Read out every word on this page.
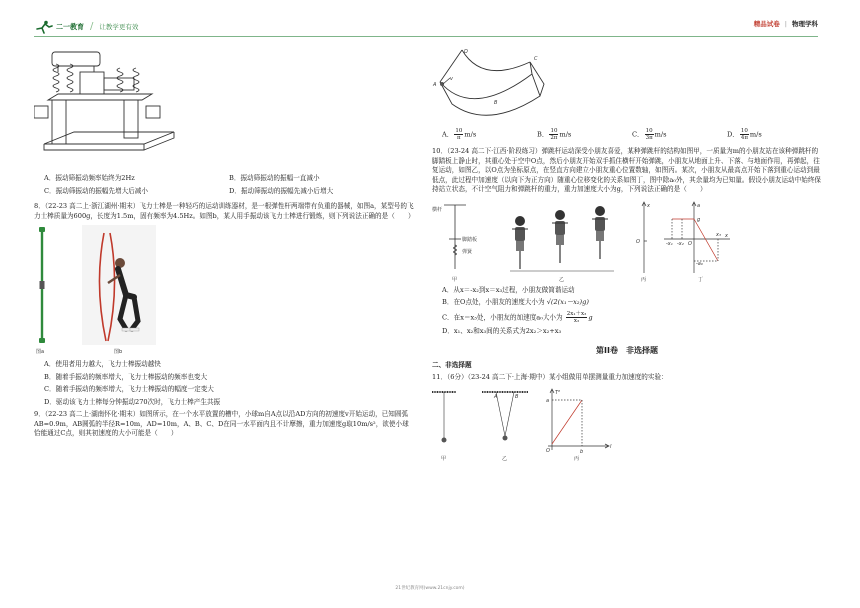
二一教育 / 让教学更有效	精品试卷 | 物理学科
A．振动筛振动频率始终为2Hz	B．振动筛振动的振幅一直减小
C．振动筛振动的振幅先增大后减小	D．振动筛振动的振幅先减小后增大

8．（22-23 高二上·浙江湖州·期末）飞力士棒是一种轻巧的运动训练器材，是一根弹性杆两端带有负重的器械，如图a，某型号的飞力士棒质量为600g，长度为1.5m，固有频率为4.5Hz。如图b，某人用手振动该飞力士棒进行锻炼，则下列说法正确的是（　　）

图a	图b
A．使用者用力越大，飞力士棒振动越快
B．随着手振动的频率增大，飞力士棒振动的频率也变大
C．随着手振动的频率增大，飞力士棒振动的幅度一定变大
D．驱动该飞力士棒每分钟振动270次时，飞力士棒产生共振

9．（22-23 高二上·湖南怀化·期末）如图所示，在一个水平放置的槽中，小球m自A点以沿AD方向的初速度v开始运动，已知圆弧AB=0.9m，AB圆弧的半径R=10m，AD=10m，A、B、C、D在同一水平面内且不计摩擦，重力加速度g取10m/s²，欲使小球恰能通过C点，则其初速度的大小可能是（　　）

D
C
A
v
B
A． $\frac{10}{\pi} m/s$	B． $\frac{10}{2\pi} m/s$	C． $\frac{10}{3\pi} m/s$	D． $\frac{10}{4\pi} m/s$

10．（23-24 高二下·江西·阶段练习）弹跳杆运动深受小朋友喜爱，某种弹跳杆的结构如图甲，一质量为m的小朋友站在该种弹跳杆的脚踏板上静止时，其重心处于空中O点，然后小朋友开始双手抓住横杆开始弹跳，小朋友从地面上升、下落、与地面作用，再弹起，往复运动，如图乙，以O点为坐标原点，在竖直方向建立小朋友重心位置数轴，如图丙。某次，小朋友从最高点开始下落到重心运动到最低点，此过程中加速度（以向下为正方向）随重心位移变化的关系如图丁，图中除a₀外，其余量均为已知量。假设小朋友运动中始终保持站立状态，不计空气阻力和弹跳杆的重力，重力加速度大小为g，下列说法正确的是（　　）

横杆
脚踏板
弹簧
甲	乙
O
x
丙
a
g
-a₀
-x₁ -x₂ O
x₃ x
丁
A．从x＝-x₂到x＝x₃过程，小朋友做简谐运动
B．在O点处，小朋友的速度大小为 √(2(x₁－x₂)g)
C．在x＝x₃处，小朋友的加速度a₀大小为 $\frac{\text{2x₁＋x₃}}{\text{x₃}}$ g
D．x₁、x₂和x₃间的关系式为2x₂＞x₂+x₃
第II卷　非选择题
二、非选择题

11．（6分）（23-24 高二下·上海·期中）某小组做用单摆测量重力加速度的实验：

甲
A	B
乙
T²
a
b
l
O
丙
21世纪教育网(www.21cnjy.com)
